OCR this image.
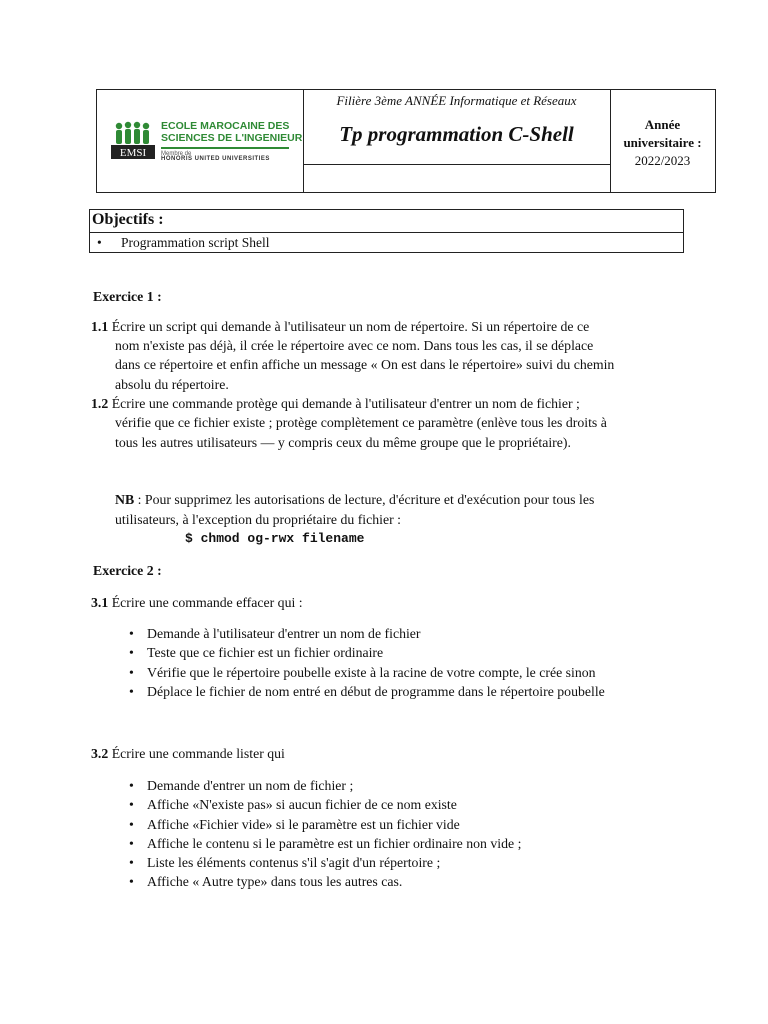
EMSI
ECOLE MAROCAINE DES
SCIENCES DE L'INGENIEUR
Membre de
HONORIS UNITED UNIVERSITIES
Filière 3ème ANNÉE Informatique et Réseaux
Tp programmation C-Shell	Année
universitaire :
2022/2023
Objectifs :
• Programmation script Shell
Exercice 1 :
1.1 Écrire un script qui demande à l'utilisateur un nom de répertoire. Si un répertoire de ce
nom n'existe pas déjà, il crée le répertoire avec ce nom. Dans tous les cas, il se déplace
dans ce répertoire et enfin affiche un message « On est dans le répertoire» suivi du chemin
absolu du répertoire.
1.2 Écrire une commande protège qui demande à l'utilisateur d'entrer un nom de fichier ;
vérifie que ce fichier existe ; protège complètement ce paramètre (enlève tous les droits à
tous les autres utilisateurs — y compris ceux du même groupe que le propriétaire).
NB : Pour supprimez les autorisations de lecture, d'écriture et d'exécution pour tous les
utilisateurs, à l'exception du propriétaire du fichier :
$ chmod og-rwx filename
Exercice 2 :
3.1 Écrire une commande effacer qui :
• Demande à l'utilisateur d'entrer un nom de fichier
• Teste que ce fichier est un fichier ordinaire
• Vérifie que le répertoire poubelle existe à la racine de votre compte, le crée sinon
• Déplace le fichier de nom entré en début de programme dans le répertoire poubelle
3.2 Écrire une commande lister qui
• Demande d'entrer un nom de fichier ;
• Affiche «N'existe pas» si aucun fichier de ce nom existe
• Affiche «Fichier vide» si le paramètre est un fichier vide
• Affiche le contenu si le paramètre est un fichier ordinaire non vide ;
• Liste les éléments contenus s'il s'agit d'un répertoire ;
• Affiche « Autre type» dans tous les autres cas.
